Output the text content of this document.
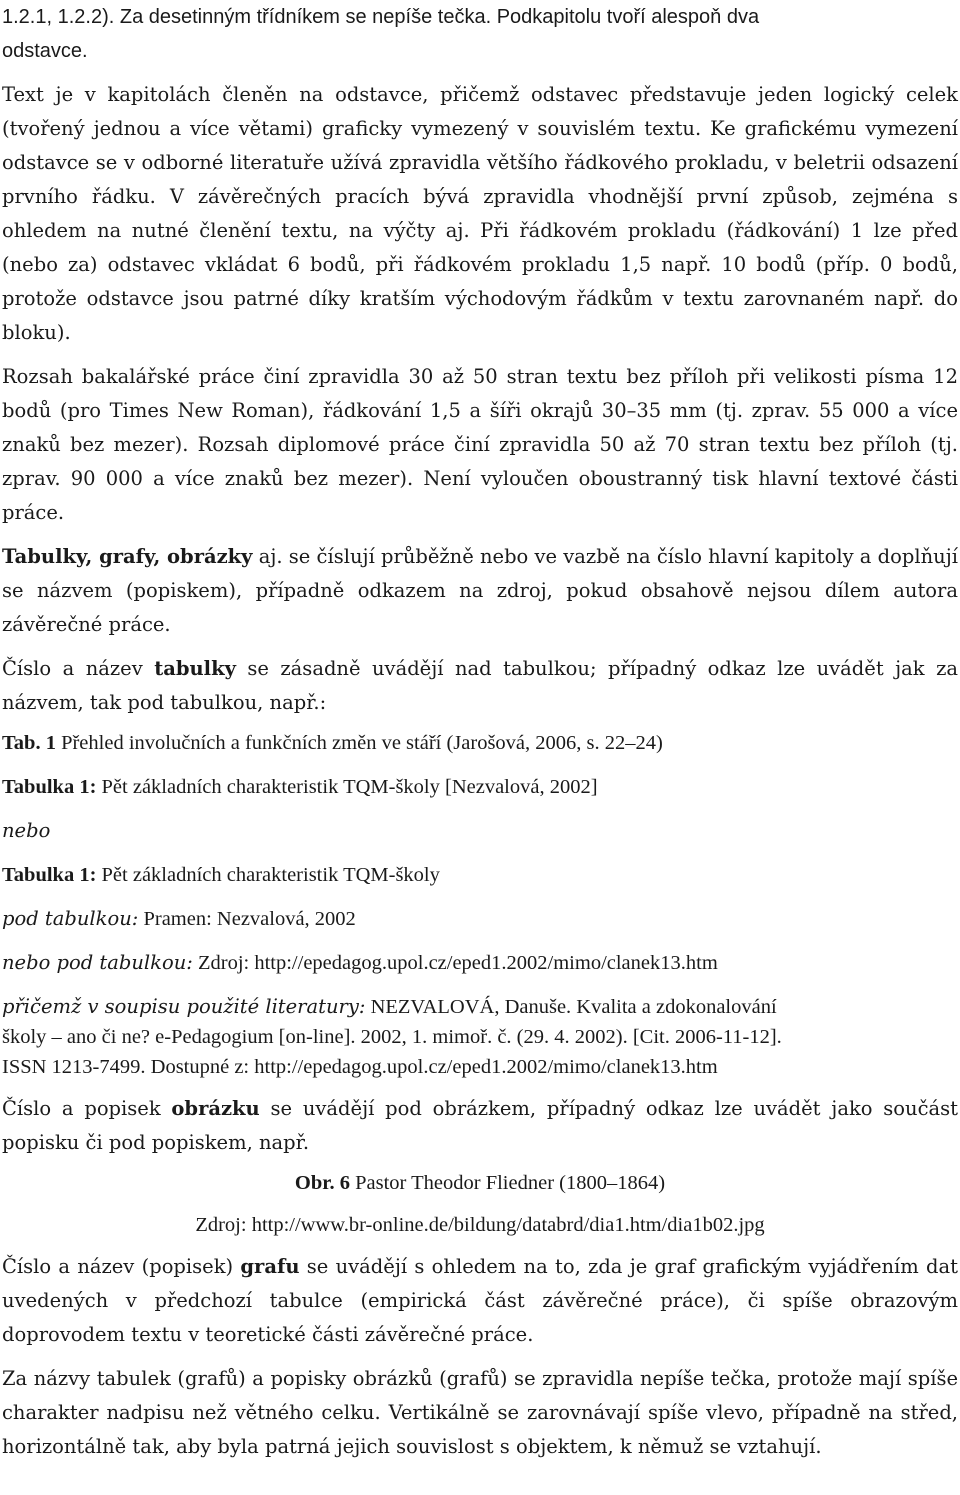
1.2.1, 1.2.2). Za desetinným třídníkem se nepíše tečka. Podkapitolu tvoří alespoň dva
odstavce.

Text je v kapitolách členěn na odstavce, přičemž odstavec představuje jeden logický celek (tvořený jednou a více větami) graficky vymezený v souvislém textu. Ke grafickému vymezení odstavce se v odborné literatuře užívá zpravidla většího řádkového prokladu, v beletrii odsazení prvního řádku. V závěrečných pracích bývá zpravidla vhodnější první způsob, zejména s ohledem na nutné členění textu, na výčty aj. Při řádkovém prokladu (řádkování) 1 lze před (nebo za) odstavec vkládat 6 bodů, při řádkovém prokladu 1,5 např. 10 bodů (příp. 0 bodů, protože odstavce jsou patrné díky kratším východovým řádkům v textu zarovnaném např. do bloku).

Rozsah bakalářské práce činí zpravidla 30 až 50 stran textu bez příloh při velikosti písma 12 bodů (pro Times New Roman), řádkování 1,5 a šíři okrajů 30–35 mm (tj. zprav. 55 000 a více znaků bez mezer). Rozsah diplomové práce činí zpravidla 50 až 70 stran textu bez příloh (tj. zprav. 90 000 a více znaků bez mezer). Není vyloučen oboustranný tisk hlavní textové části práce.

Tabulky, grafy, obrázky aj. se číslují průběžně nebo ve vazbě na číslo hlavní kapitoly a doplňují se názvem (popiskem), případně odkazem na zdroj, pokud obsahově nejsou dílem autora závěrečné práce.

Číslo a název tabulky se zásadně uvádějí nad tabulkou; případný odkaz lze uvádět jak za názvem, tak pod tabulkou, např.:

Tab. 1 Přehled involučních a funkčních změn ve stáří (Jarošová, 2006, s. 22–24)

Tabulka 1: Pět základních charakteristik TQM-školy [Nezvalová, 2002]

nebo

Tabulka 1: Pět základních charakteristik TQM-školy

pod tabulkou: Pramen: Nezvalová, 2002

nebo pod tabulkou: Zdroj: http://epedagog.upol.cz/eped1.2002/mimo/clanek13.htm

přičemž v soupisu použité literatury: NEZVALOVÁ, Danuše. Kvalita a zdokonalování

školy – ano či ne? e-Pedagogium [on-line]. 2002, 1. mimoř. č. (29. 4. 2002). [Cit. 2006-11-12].

ISSN 1213-7499. Dostupné z: http://epedagog.upol.cz/eped1.2002/mimo/clanek13.htm

Číslo a popisek obrázku se uvádějí pod obrázkem, případný odkaz lze uvádět jako součást popisku či pod popiskem, např.

Obr. 6 Pastor Theodor Fliedner (1800–1864)

Zdroj: http://www.br-online.de/bildung/databrd/dia1.htm/dia1b02.jpg

Číslo a název (popisek) grafu se uvádějí s ohledem na to, zda je graf grafickým vyjádřením dat uvedených v předchozí tabulce (empirická část závěrečné práce), či spíše obrazovým doprovodem textu v teoretické části závěrečné práce.

Za názvy tabulek (grafů) a popisky obrázků (grafů) se zpravidla nepíše tečka, protože mají spíše charakter nadpisu než větného celku. Vertikálně se zarovnávají spíše vlevo, případně na střed, horizontálně tak, aby byla patrná jejich souvislost s objektem, k němuž se vztahují.
